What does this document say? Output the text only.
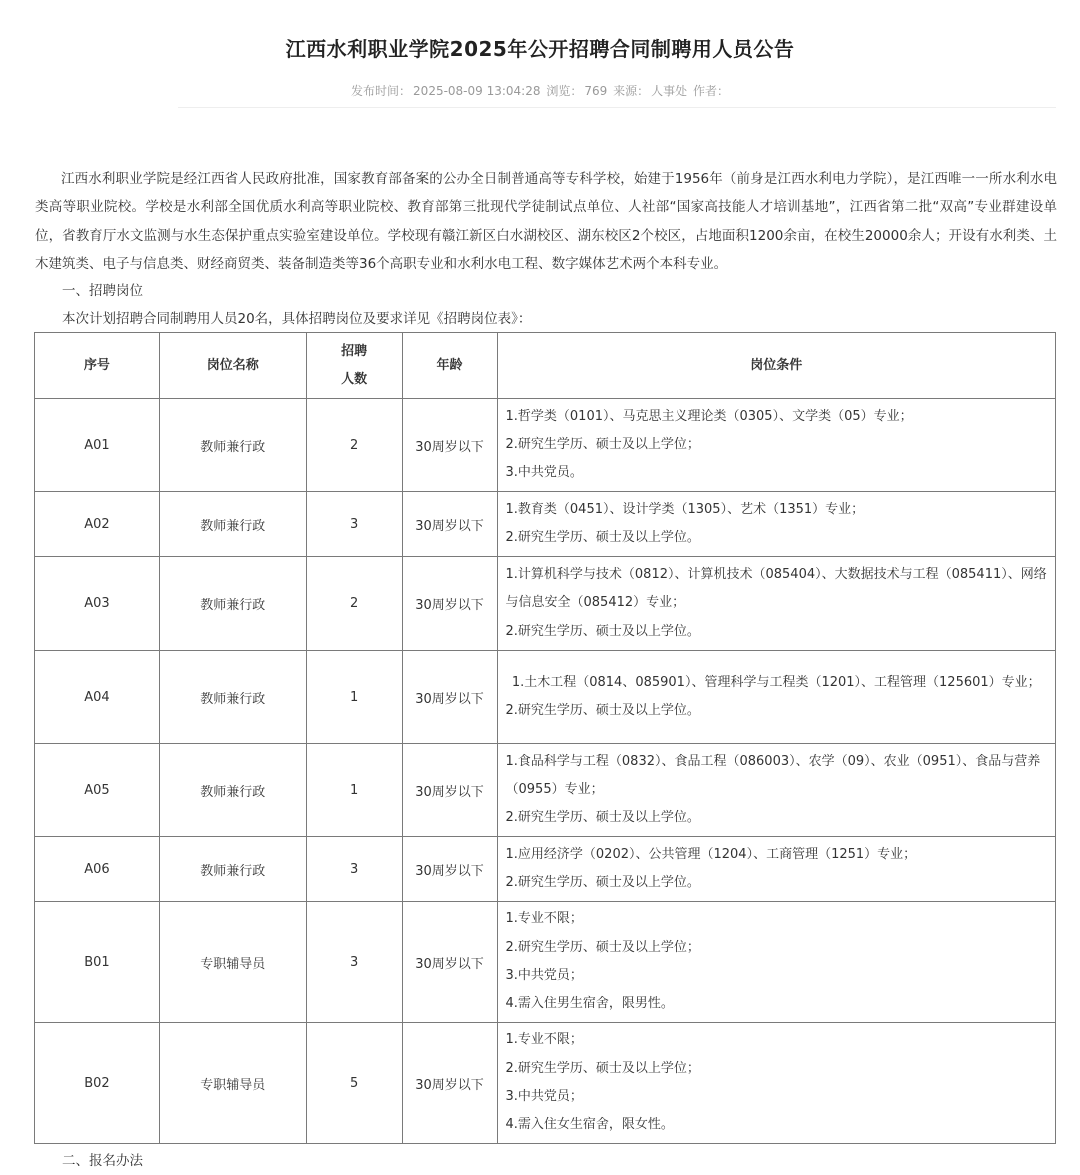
江西水利职业学院2025年公开招聘合同制聘用人员公告
发布时间： 2025-08-09 13:04:28 浏览： 769 来源： 人事处 作者：
江西水利职业学院是经江西省人民政府批准，国家教育部备案的公办全日制普通高等专科学校，始建于1956年（前身是江西水利电力学院），是江西唯一一所水利水电类高等职业院校。学校是水利部全国优质水利高等职业院校、教育部第三批现代学徒制试点单位、人社部“国家高技能人才培训基地”，江西省第二批“双高”专业群建设单位，省教育厅水文监测与水生态保护重点实验室建设单位。学校现有赣江新区白水湖校区、湖东校区2个校区，占地面积1200余亩，在校生20000余人；开设有水利类、土木建筑类、电子与信息类、财经商贸类、装备制造类等36个高职专业和水利水电工程、数字媒体艺术两个本科专业。
一、招聘岗位
本次计划招聘合同制聘用人员20名，具体招聘岗位及要求详见《招聘岗位表》：
序号	岗位名称	招聘
人数	年龄	岗位条件
A01	教师兼行政	2	30周岁以下	1.哲学类（0101）、马克思主义理论类（0305）、文学类（05）专业；
2.研究生学历、硕士及以上学位；
3.中共党员。

A02	教师兼行政	3	30周岁以下	1.教育类（0451）、设计学类（1305）、艺术（1351）专业；
2.研究生学历、硕士及以上学位。

A03	教师兼行政	2	30周岁以下	1.计算机科学与技术（0812）、计算机技术（085404）、大数据技术与工程（085411）、网络与信息安全（085412）专业；
2.研究生学历、硕士及以上学位。

A04	教师兼行政	1	30周岁以下	1.土木工程（0814、085901）、管理科学与工程类（1201）、工程管理（125601）专业；
2.研究生学历、硕士及以上学位。

A05	教师兼行政	1	30周岁以下	1.食品科学与工程（0832）、食品工程（086003）、农学（09）、农业（0951）、食品与营养（0955）专业；
2.研究生学历、硕士及以上学位。

A06	教师兼行政	3	30周岁以下	1.应用经济学（0202）、公共管理（1204）、工商管理（1251）专业；
2.研究生学历、硕士及以上学位。

B01	专职辅导员	3	30周岁以下	1.专业不限；
2.研究生学历、硕士及以上学位；
3.中共党员；
4.需入住男生宿舍，限男性。

B02	专职辅导员	5	30周岁以下	1.专业不限；
2.研究生学历、硕士及以上学位；
3.中共党员；
4.需入住女生宿舍，限女性。
二、报名办法
